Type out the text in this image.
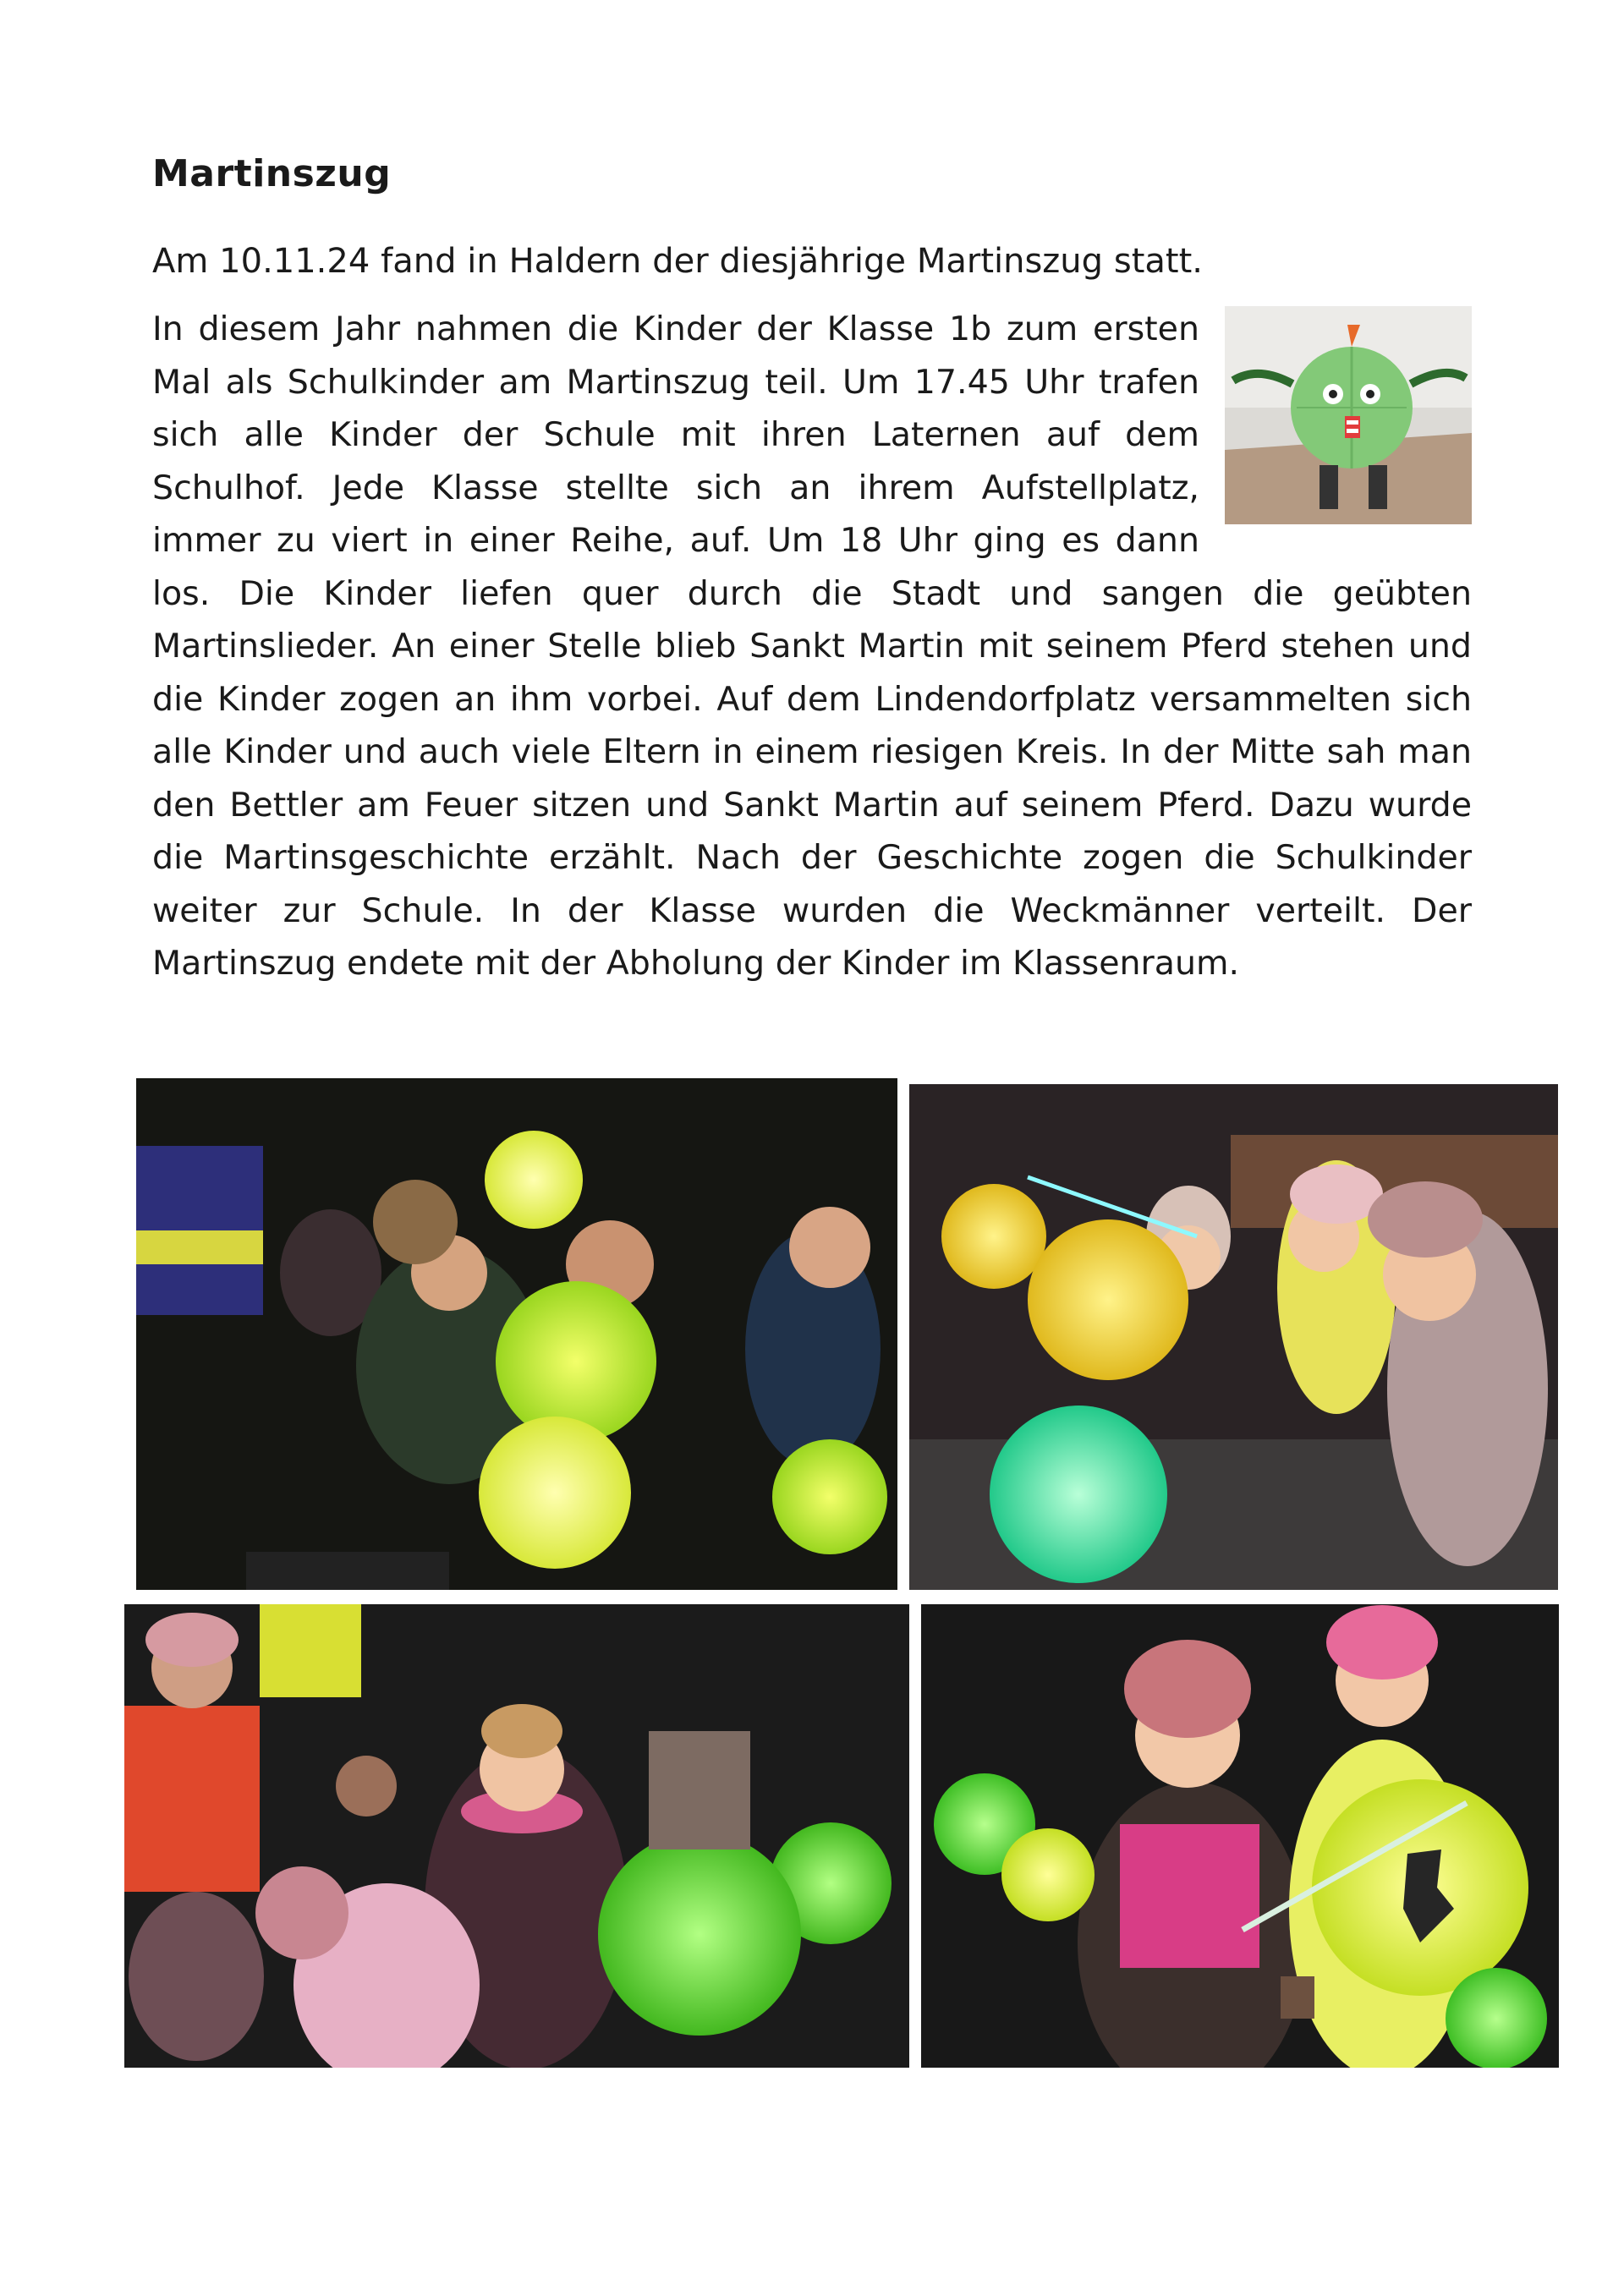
Martinszug
Am 10.11.24 fand in Haldern der diesjährige Martinszug statt.
In diesem Jahr nahmen die Kinder der Klasse 1b zum ersten Mal als Schulkinder am Martinszug teil. Um 17.45 Uhr trafen sich alle Kinder der Schule mit ihren Laternen auf dem Schulhof. Jede Klasse stellte sich an ihrem Aufstellplatz, immer zu viert in einer Reihe, auf. Um 18 Uhr ging es dann los. Die Kinder liefen quer durch die Stadt und sangen die geübten Martinslieder. An einer Stelle blieb Sankt Martin mit seinem Pferd stehen und die Kinder zogen an ihm vorbei. Auf dem Lindendorfplatz versammelten sich alle Kinder und auch viele Eltern in einem riesigen Kreis. In der Mitte sah man den Bettler am Feuer sitzen und Sankt Martin auf seinem Pferd. Dazu wurde die Martinsgeschichte erzählt. Nach der Geschichte zogen die Schulkinder weiter zur Schule. In der Klasse wurden die Weckmänner verteilt. Der Martinszug endete mit der Abholung der Kinder im Klassenraum.
